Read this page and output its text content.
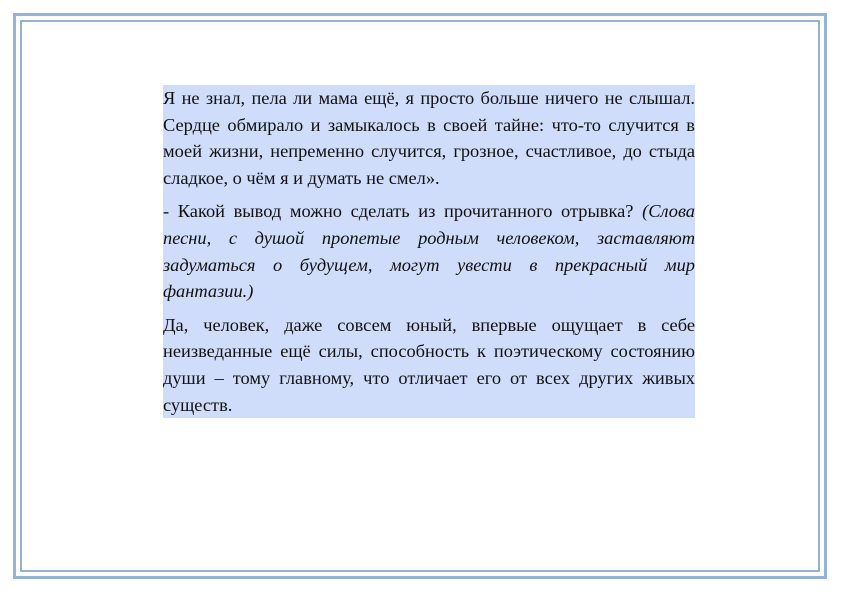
Я не знал, пела ли мама ещё, я просто больше ничего не слышал. Сердце обмирало и замыкалось в своей тайне: что-то случится в моей жизни, непременно случится, грозное, счастливое, до стыда сладкое, о чём я и думать не смел».

- Какой вывод можно сделать из прочитанного отрывка? (Слова песни, с душой пропетые родным человеком, заставляют задуматься о будущем, могут увести в прекрасный мир фантазии.)

Да, человек, даже совсем юный, впервые ощущает в себе неизведанные ещё силы, способность к поэтическому состоянию души – тому главному, что отличает его от всех других живых существ.
